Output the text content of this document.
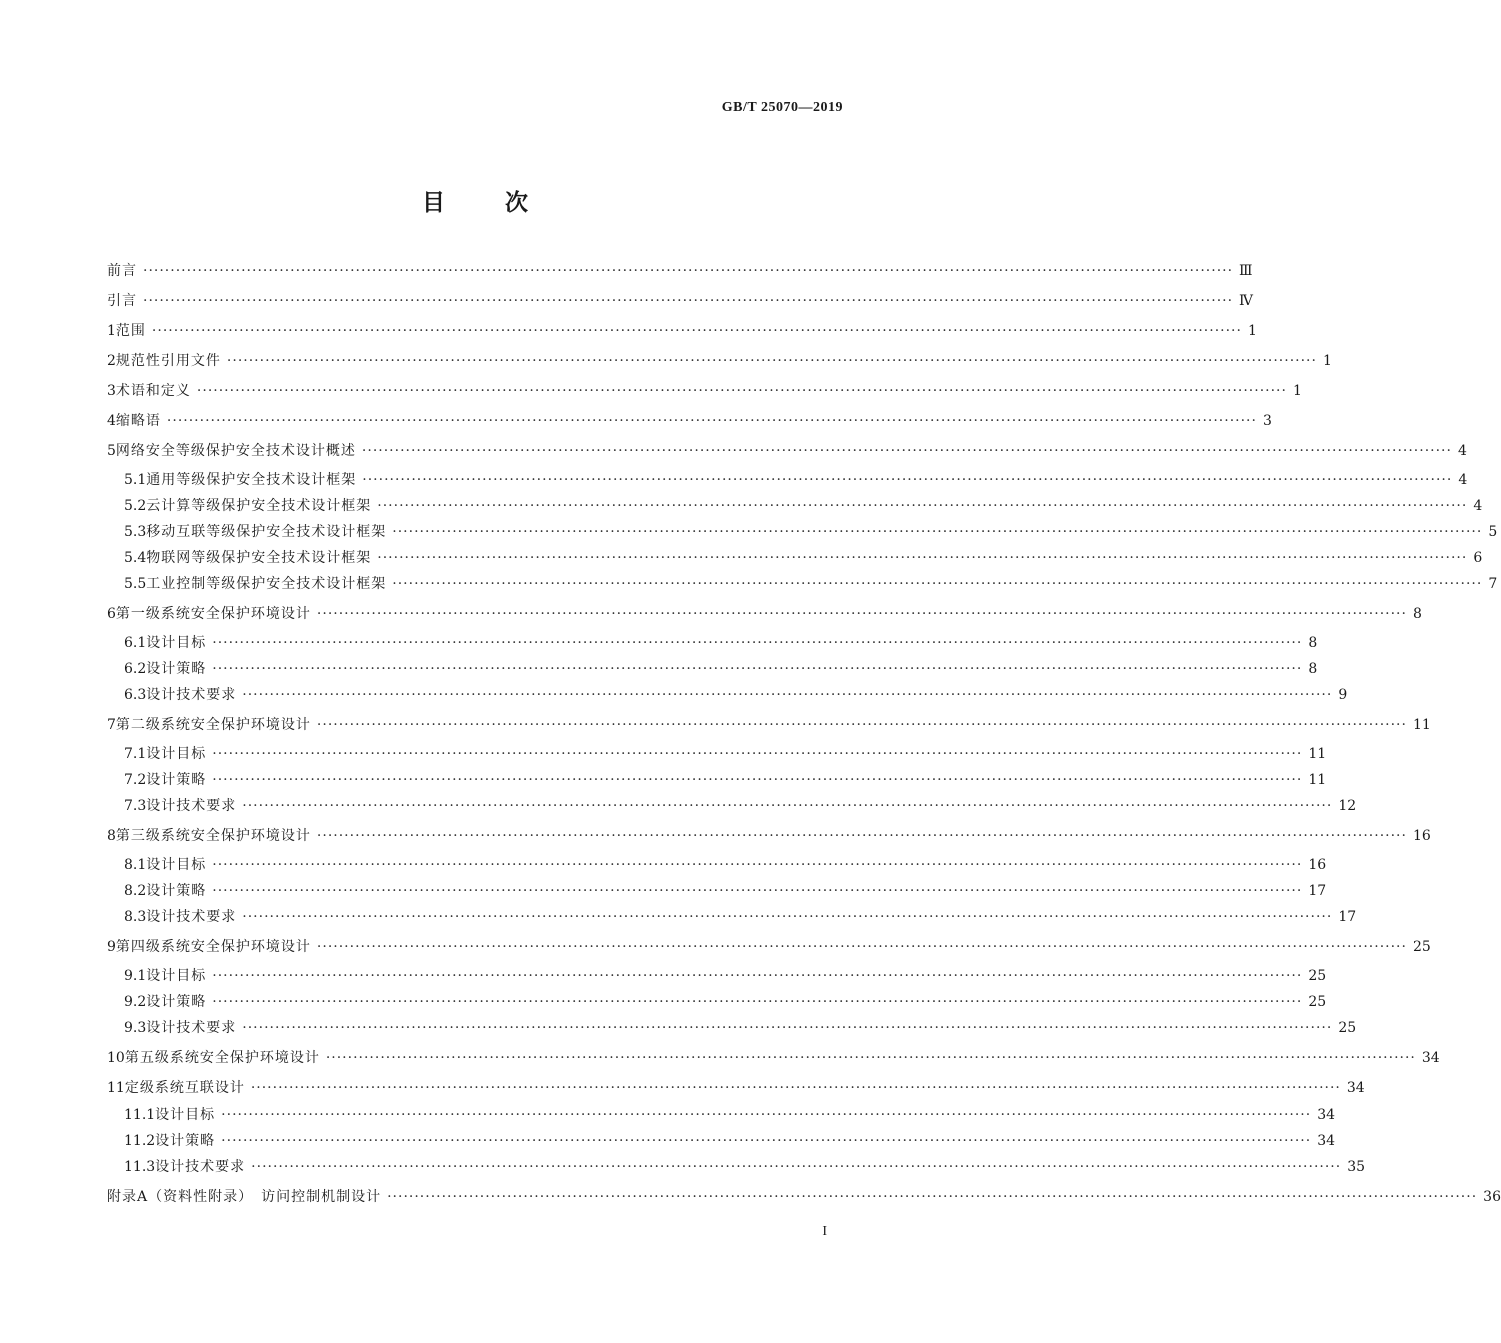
GB/T 25070—2019
目次
前言 ········································································································································································································ Ⅲ
引言 ········································································································································································································ Ⅳ
1 范围 ········································································································································································································ 1
2 规范性引用文件 ········································································································································································································ 1
3 术语和定义 ········································································································································································································ 1
4 缩略语 ········································································································································································································ 3
5 网络安全等级保护安全技术设计概述 ········································································································································································································ 4
5.1 通用等级保护安全技术设计框架 ········································································································································································································ 4
5.2 云计算等级保护安全技术设计框架 ········································································································································································································ 4
5.3 移动互联等级保护安全技术设计框架 ········································································································································································································ 5
5.4 物联网等级保护安全技术设计框架 ········································································································································································································ 6
5.5 工业控制等级保护安全技术设计框架 ········································································································································································································ 7
6 第一级系统安全保护环境设计 ········································································································································································································ 8
6.1 设计目标 ········································································································································································································ 8
6.2 设计策略 ········································································································································································································ 8
6.3 设计技术要求 ········································································································································································································ 9
7 第二级系统安全保护环境设计 ········································································································································································································ 11
7.1 设计目标 ········································································································································································································ 11
7.2 设计策略 ········································································································································································································ 11
7.3 设计技术要求 ········································································································································································································ 12
8 第三级系统安全保护环境设计 ········································································································································································································ 16
8.1 设计目标 ········································································································································································································ 16
8.2 设计策略 ········································································································································································································ 17
8.3 设计技术要求 ········································································································································································································ 17
9 第四级系统安全保护环境设计 ········································································································································································································ 25
9.1 设计目标 ········································································································································································································ 25
9.2 设计策略 ········································································································································································································ 25
9.3 设计技术要求 ········································································································································································································ 25
10 第五级系统安全保护环境设计 ········································································································································································································ 34
11 定级系统互联设计 ········································································································································································································ 34
11.1 设计目标 ········································································································································································································ 34
11.2 设计策略 ········································································································································································································ 34
11.3 设计技术要求 ········································································································································································································ 35
附录A（资料性附录）　访问控制机制设计 ········································································································································································································ 36
I
